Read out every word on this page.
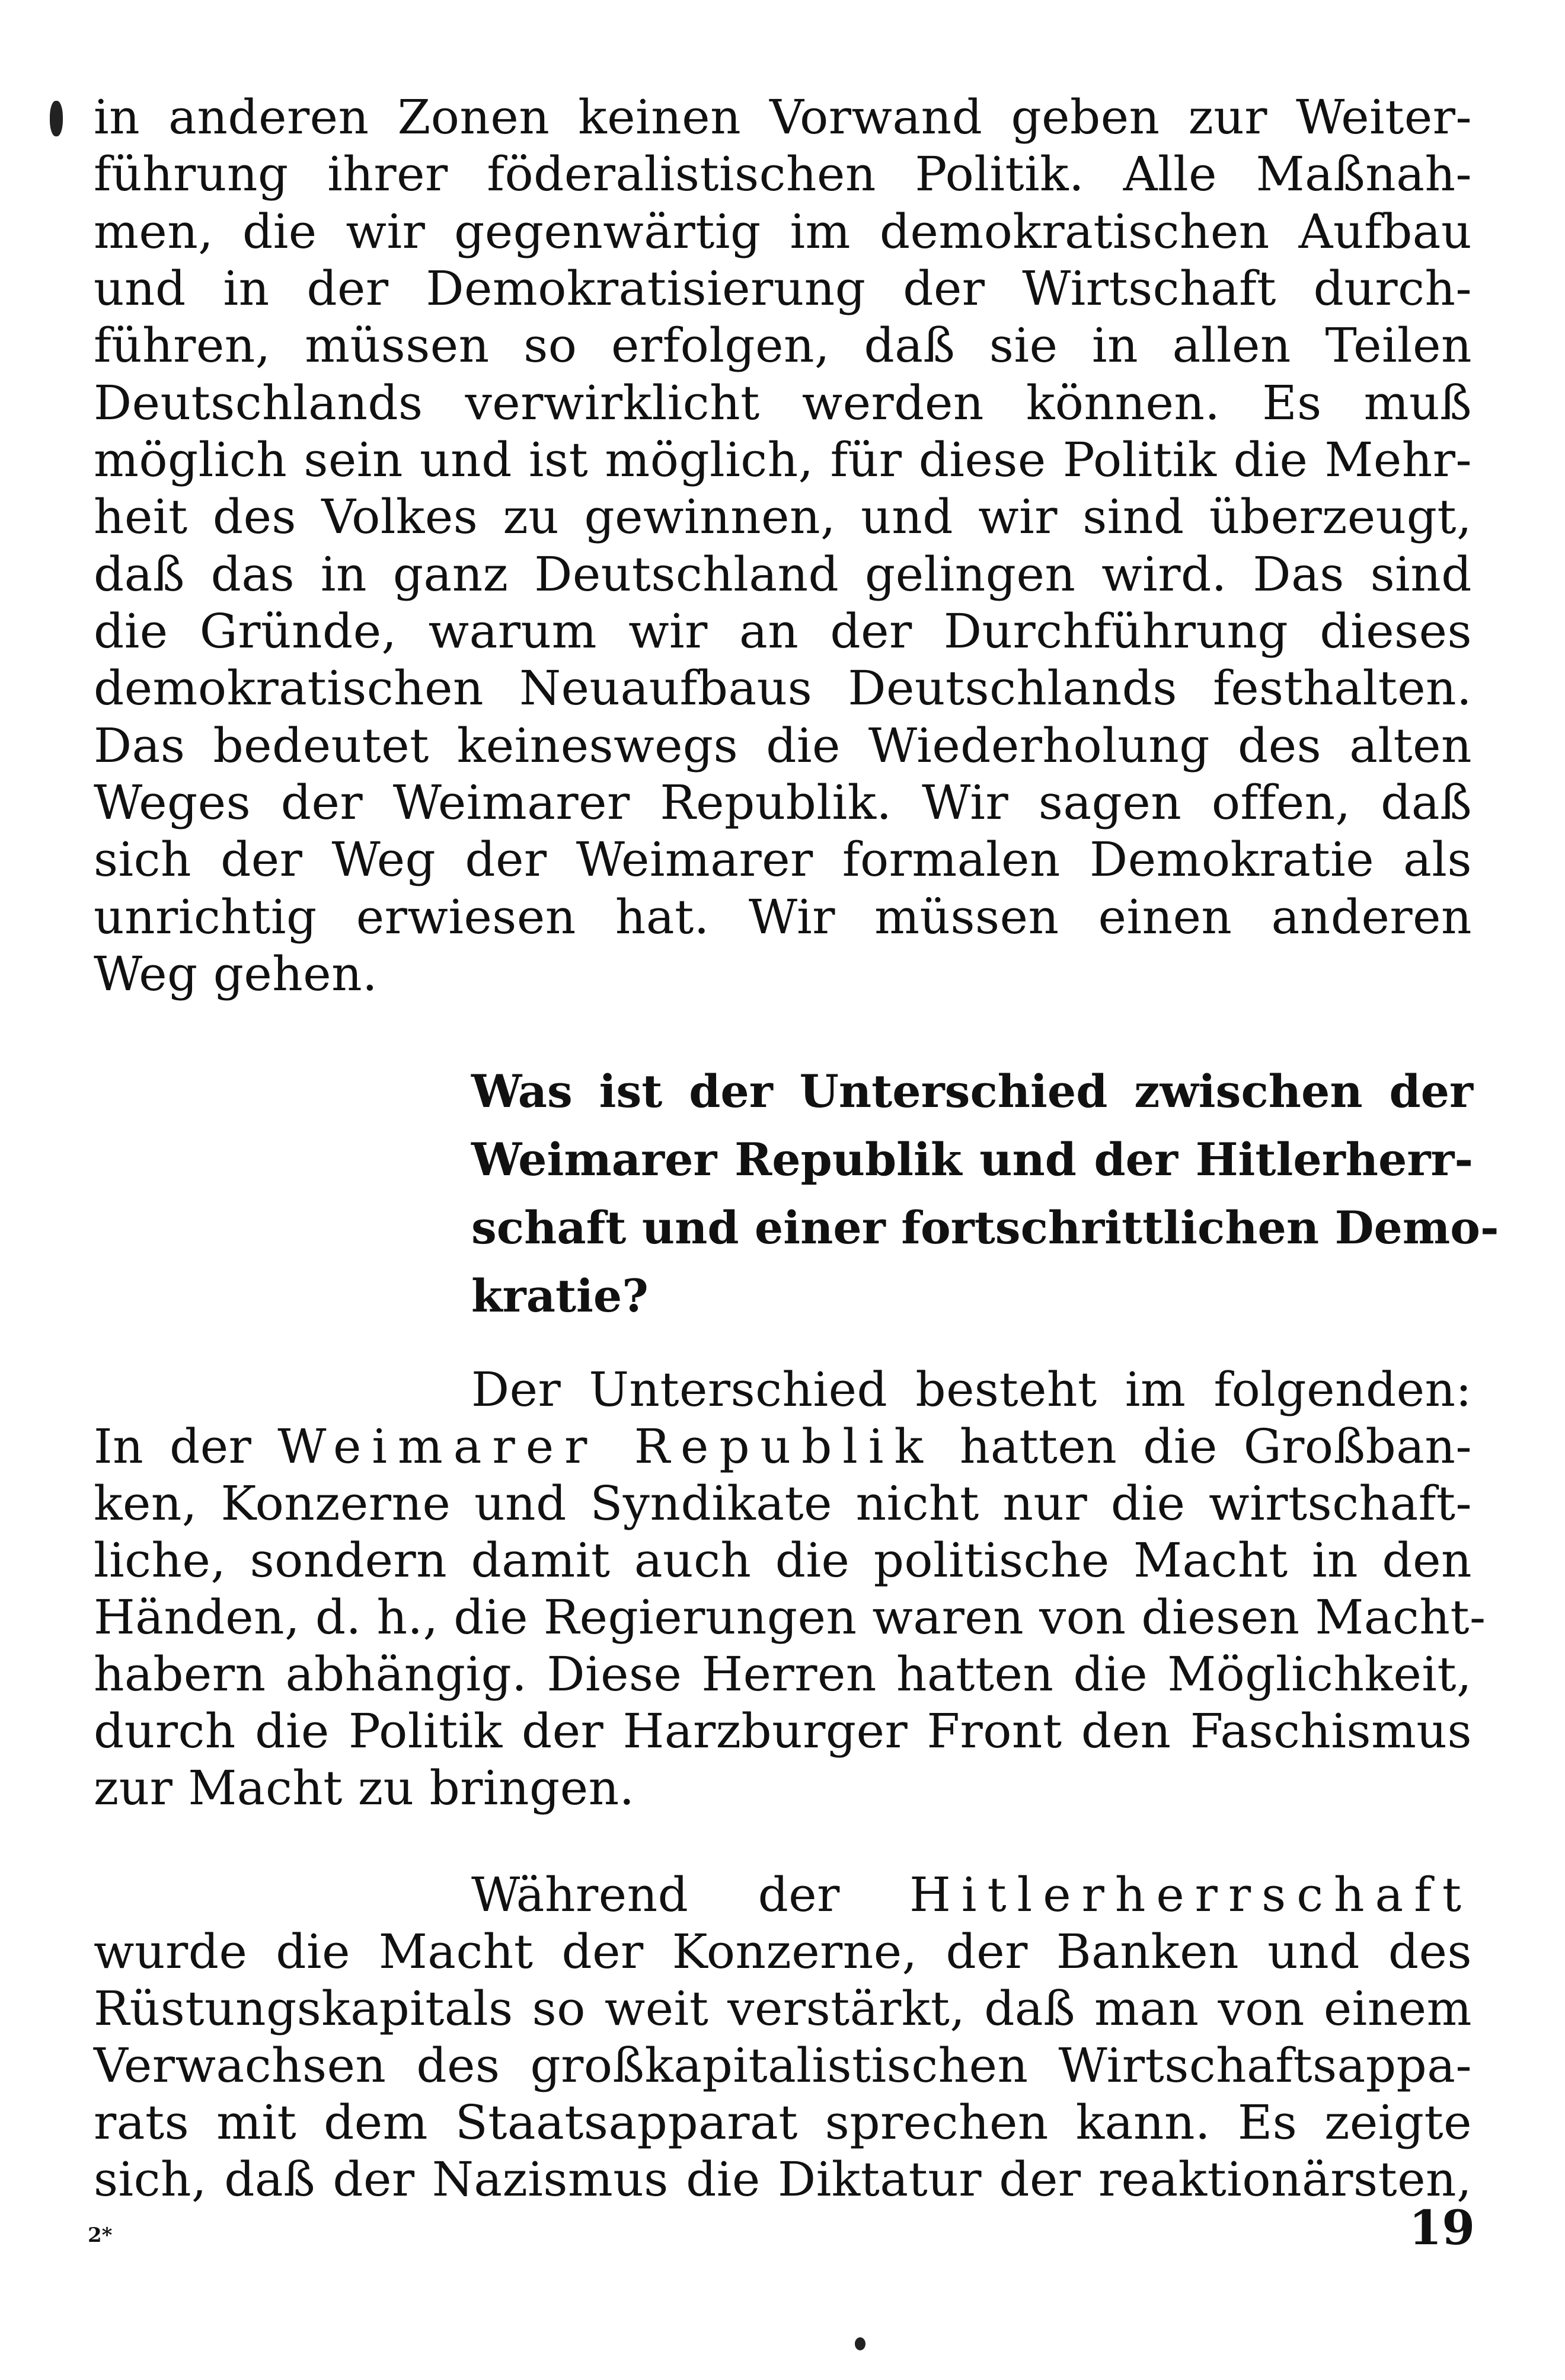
in anderen Zonen keinen Vorwand geben zur Weiter-
führung ihrer föderalistischen Politik. Alle Maßnah-
men, die wir gegenwärtig im demokratischen Aufbau
und in der Demokratisierung der Wirtschaft durch-
führen, müssen so erfolgen, daß sie in allen Teilen
Deutschlands verwirklicht werden können. Es muß
möglich sein und ist möglich, für diese Politik die Mehr-
heit des Volkes zu gewinnen, und wir sind überzeugt,
daß das in ganz Deutschland gelingen wird. Das sind
die Gründe, warum wir an der Durchführung dieses
demokratischen Neuaufbaus Deutschlands festhalten.
Das bedeutet keineswegs die Wiederholung des alten
Weges der Weimarer Republik. Wir sagen offen, daß
sich der Weg der Weimarer formalen Demokratie als
unrichtig erwiesen hat. Wir müssen einen anderen
Weg gehen.
Was ist der Unterschied zwischen der
Weimarer Republik und der Hitlerherr-
schaft und einer fortschrittlichen Demo-
kratie?
Der Unterschied besteht im folgenden:
In der Weimarer Republik hatten die Großban-
ken, Konzerne und Syndikate nicht nur die wirtschaft-
liche, sondern damit auch die politische Macht in den
Händen, d. h., die Regierungen waren von diesen Macht-
habern abhängig. Diese Herren hatten die Möglichkeit,
durch die Politik der Harzburger Front den Faschismus
zur Macht zu bringen.
Während der Hitlerherrschaft
wurde die Macht der Konzerne, der Banken und des
Rüstungskapitals so weit verstärkt, daß man von einem
Verwachsen des großkapitalistischen Wirtschaftsappa-
rats mit dem Staatsapparat sprechen kann. Es zeigte
sich, daß der Nazismus die Diktatur der reaktionärsten,
2*	19
